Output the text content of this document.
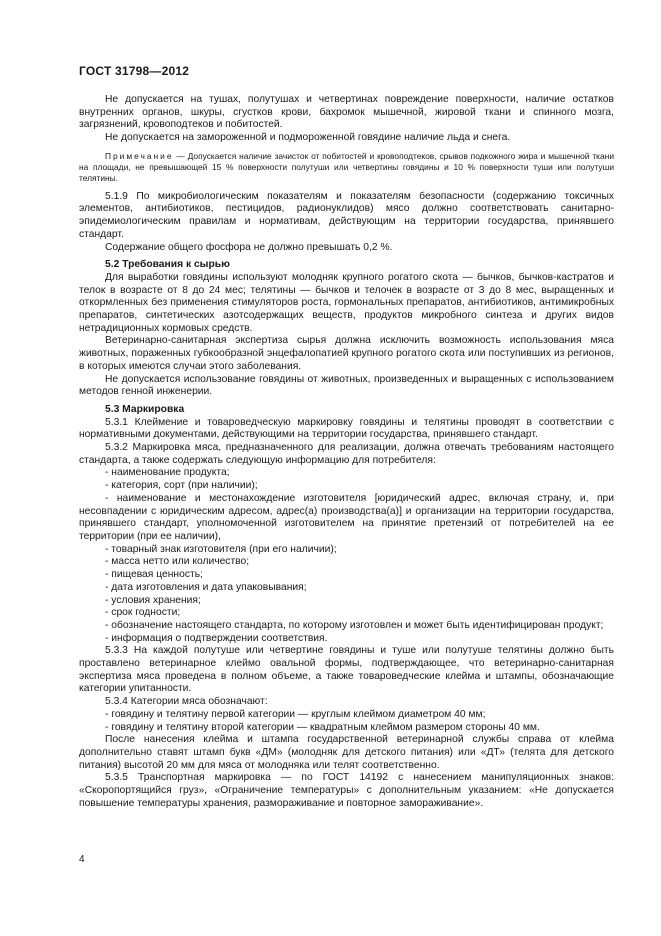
ГОСТ 31798—2012

Не допускается на тушах, полутушах и четвертинах повреждение поверхности, наличие остатков внутренних органов, шкуры, сгустков крови, бахромок мышечной, жировой ткани и спинного мозга, загрязнений, кровоподтеков и побитостей.

Не допускается на замороженной и подмороженной говядине наличие льда и снега.

Примечание — Допускается наличие зачисток от побитостей и кровоподтеков, срывов подкожного жира и мышечной ткани на площади, не превышающей 15 % поверхности полутуши или четвертины говядины и 10 % поверхности туши или полутуши телятины.

5.1.9 По микробиологическим показателям и показателям безопасности (содержанию токсичных элементов, антибиотиков, пестицидов, радионуклидов) мясо должно соответствовать санитарно-эпидемиологическим правилам и нормативам, действующим на территории государства, принявшего стандарт.

Содержание общего фосфора не должно превышать 0,2 %.

5.2 Требования к сырью

Для выработки говядины используют молодняк крупного рогатого скота — бычков, бычков-кастратов и телок в возрасте от 8 до 24 мес; телятины — бычков и телочек в возрасте от 3 до 8 мес, выращенных и откормленных без применения стимуляторов роста, гормональных препаратов, антибиотиков, антимикробных препаратов, синтетических азотсодержащих веществ, продуктов микробного синтеза и других видов нетрадиционных кормовых средств.

Ветеринарно-санитарная экспертиза сырья должна исключить возможность использования мяса животных, пораженных губкообразной энцефалопатией крупного рогатого скота или поступивших из регионов, в которых имеются случаи этого заболевания.

Не допускается использование говядины от животных, произведенных и выращенных с использованием методов генной инженерии.

5.3 Маркировка

5.3.1 Клеймение и товароведческую маркировку говядины и телятины проводят в соответствии с нормативными документами, действующими на территории государства, принявшего стандарт.

5.3.2 Маркировка мяса, предназначенного для реализации, должна отвечать требованиям настоящего стандарта, а также содержать следующую информацию для потребителя:

- наименование продукта;

- категория, сорт (при наличии);

- наименование и местонахождение изготовителя [юридический адрес, включая страну, и, при несовпадении с юридическим адресом, адрес(а) производства(а)] и организации на территории государства, принявшего стандарт, уполномоченной изготовителем на принятие претензий от потребителей на ее территории (при ее наличии),

- товарный знак изготовителя (при его наличии);

- масса нетто или количество;

- пищевая ценность;

- дата изготовления и дата упаковывания;

- условия хранения;

- срок годности;

- обозначение настоящего стандарта, по которому изготовлен и может быть идентифицирован продукт;

- информация о подтверждении соответствия.

5.3.3 На каждой полутуше или четвертине говядины и туше или полутуше телятины должно быть проставлено ветеринарное клеймо овальной формы, подтверждающее, что ветеринарно-санитарная экспертиза мяса проведена в полном объеме, а также товароведческие клейма и штампы, обозначающие категории упитанности.

5.3.4 Категории мяса обозначают:

- говядину и телятину первой категории — круглым клеймом диаметром 40 мм;

- говядину и телятину второй категории — квадратным клеймом размером стороны 40 мм.

После нанесения клейма и штампа государственной ветеринарной службы справа от клейма дополнительно ставят штамп букв «ДМ» (молодняк для детского питания) или «ДТ» (телята для детского питания) высотой 20 мм для мяса от молодняка или телят соответственно.

5.3.5 Транспортная маркировка — по ГОСТ 14192 с нанесением манипуляционных знаков: «Скоропортящийся груз», «Ограничение температуры» с дополнительным указанием: «Не допускается повышение температуры хранения, размораживание и повторное замораживание».

4
